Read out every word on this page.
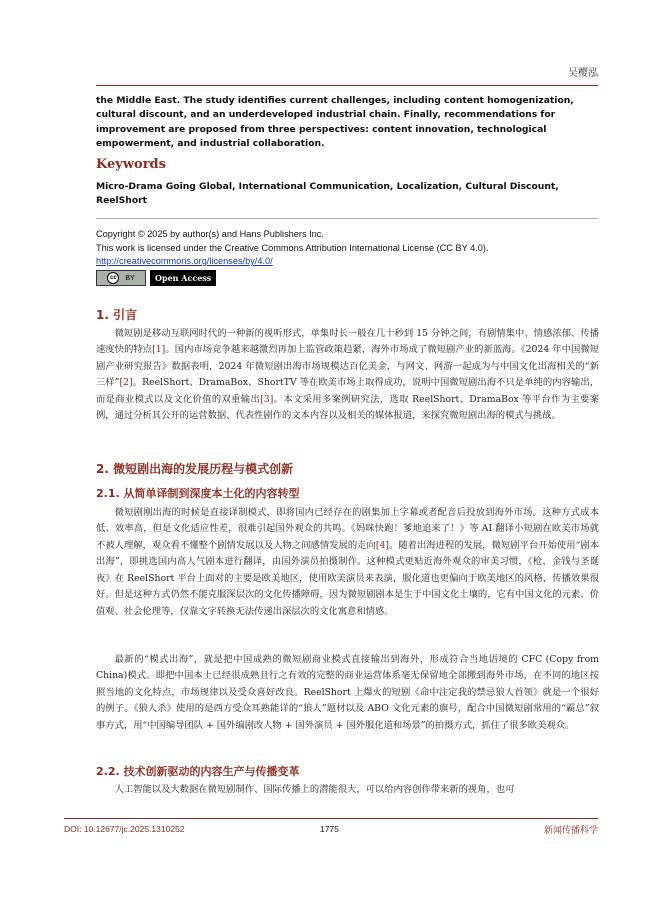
吴樱泓
the Middle East. The study identifies current challenges, including content homogenization, cultural discount, and an underdeveloped industrial chain. Finally, recommendations for improvement are proposed from three perspectives: content innovation, technological empowerment, and industrial collaboration.
Keywords
Micro-Drama Going Global, International Communication, Localization, Cultural Discount, ReelShort
Copyright © 2025 by author(s) and Hans Publishers Inc.
This work is licensed under the Creative Commons Attribution International License (CC BY 4.0).
http://creativecommons.org/licenses/by/4.0/
cc	BY	Open Access
1. 引言
微短剧是移动互联网时代的一种新的视听形式，单集时长一般在几十秒到 15 分钟之间，有剧情集中、情感浓郁、传播速度快的特点[1]。国内市场竞争越来越激烈再加上监管政策趋紧，海外市场成了微短剧产业的新蓝海。《2024 年中国微短剧产业研究报告》数据表明，2024 年微短剧出海市场规模达百亿美金，与网文、网游一起成为与中国文化出海相关的“新三样”[2]。ReelShort、DramaBox、ShortTV 等在欧美市场上取得成功，说明中国微短剧出海不只是单纯的内容输出，而是商业模式以及文化价值的双重输出[3]。本文采用多案例研究法，选取 ReelShort、DramaBox 等平台作为主要案例，通过分析其公开的运营数据、代表性剧作的文本内容以及相关的媒体报道，来探究微短剧出海的模式与挑战。
2. 微短剧出海的发展历程与模式创新
2.1. 从简单译制到深度本土化的内容转型
微短剧刚出海的时候是直接译制模式，即将国内已经存在的剧集加上字幕或者配音后投放到海外市场。这种方式成本低、效率高，但是文化适应性差，很难引起国外观众的共鸣。《妈咪快跑！爹地追来了！》等 AI 翻译小短剧在欧美市场就不被人理解，观众看不懂整个剧情发展以及人物之间感情发展的走向[4]。随着出海进程的发展，微短剧平台开始使用“剧本出海”，即挑选国内高人气剧本进行翻译，由国外演员拍摄制作。这种模式更贴近海外观众的审美习惯，《枪、金钱与圣诞夜》在 ReelShort 平台上面对的主要是欧美地区，使用欧美演员来表演，服化道也更偏向于欧美地区的风格，传播效果很好。但是这种方式仍然不能克服深层次的文化传播障碍，因为微短剧剧本是生于中国文化土壤的，它有中国文化的元素、价值观、社会伦理等，仅靠文字转换无法传递出深层次的文化寓意和情感。
最新的“模式出海”，就是把中国成熟的微短剧商业模式直接输出到海外，形成符合当地语境的 CFC (Copy from China)模式。即把中国本土已经很成熟且行之有效的完整的商业运营体系毫无保留地全部搬到海外市场，在不同的地区按照当地的文化特点，市场规律以及受众喜好改良。ReelShort 上爆火的短剧《命中注定我的禁忌狼人首领》就是一个很好的例子。《狼人杀》使用的是西方受众耳熟能详的“狼人”题材以及 ABO 文化元素的旗号，配合中国微短剧常用的“霸总”叙事方式，用“中国编导团队 + 国外编剧改人物 + 国外演员 + 国外服化道和场景”的拍摄方式，抓住了很多欧美观众。
2.2. 技术创新驱动的内容生产与传播变革
人工智能以及大数据在微短剧制作、国际传播上的潜能很大，可以给内容创作带来新的视角，也可
DOI: 10.12677/jc.2025.1310252	1775	新闻传播科学
